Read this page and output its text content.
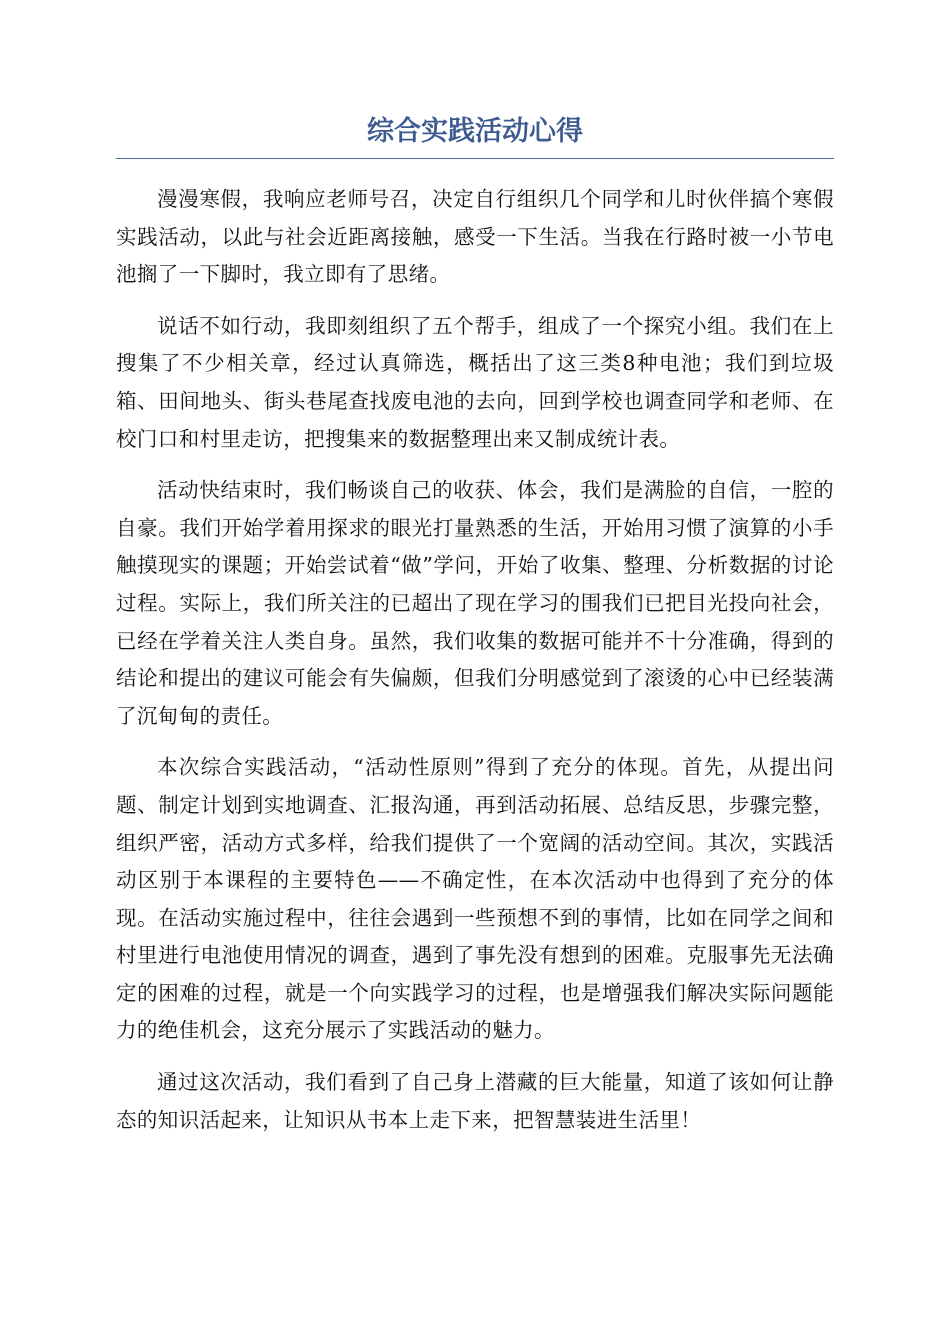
综合实践活动心得

漫漫寒假，我响应老师号召，决定自行组织几个同学和儿时伙伴搞个寒假实践活动，以此与社会近距离接触，感受一下生活。当我在行路时被一小节电池搁了一下脚时，我立即有了思绪。

说话不如行动，我即刻组织了五个帮手，组成了一个探究小组。我们在上搜集了不少相关章，经过认真筛选，概括出了这三类8种电池；我们到垃圾箱、田间地头、街头巷尾查找废电池的去向，回到学校也调查同学和老师、在校门口和村里走访，把搜集来的数据整理出来又制成统计表。

活动快结束时，我们畅谈自己的收获、体会，我们是满脸的自信，一腔的自豪。我们开始学着用探求的眼光打量熟悉的生活，开始用习惯了演算的小手触摸现实的课题；开始尝试着“做”学问，开始了收集、整理、分析数据的讨论过程。实际上，我们所关注的已超出了现在学习的围我们已把目光投向社会，已经在学着关注人类自身。虽然，我们收集的数据可能并不十分准确，得到的结论和提出的建议可能会有失偏颇，但我们分明感觉到了滚烫的心中已经装满了沉甸甸的责任。

本次综合实践活动，“活动性原则”得到了充分的体现。首先，从提出问题、制定计划到实地调查、汇报沟通，再到活动拓展、总结反思，步骤完整，组织严密，活动方式多样，给我们提供了一个宽阔的活动空间。其次，实践活动区别于本课程的主要特色——不确定性，在本次活动中也得到了充分的体现。在活动实施过程中，往往会遇到一些预想不到的事情，比如在同学之间和村里进行电池使用情况的调查，遇到了事先没有想到的困难。克服事先无法确定的困难的过程，就是一个向实践学习的过程，也是增强我们解决实际问题能力的绝佳机会，这充分展示了实践活动的魅力。

通过这次活动，我们看到了自己身上潜藏的巨大能量，知道了该如何让静态的知识活起来，让知识从书本上走下来，把智慧装进生活里！
